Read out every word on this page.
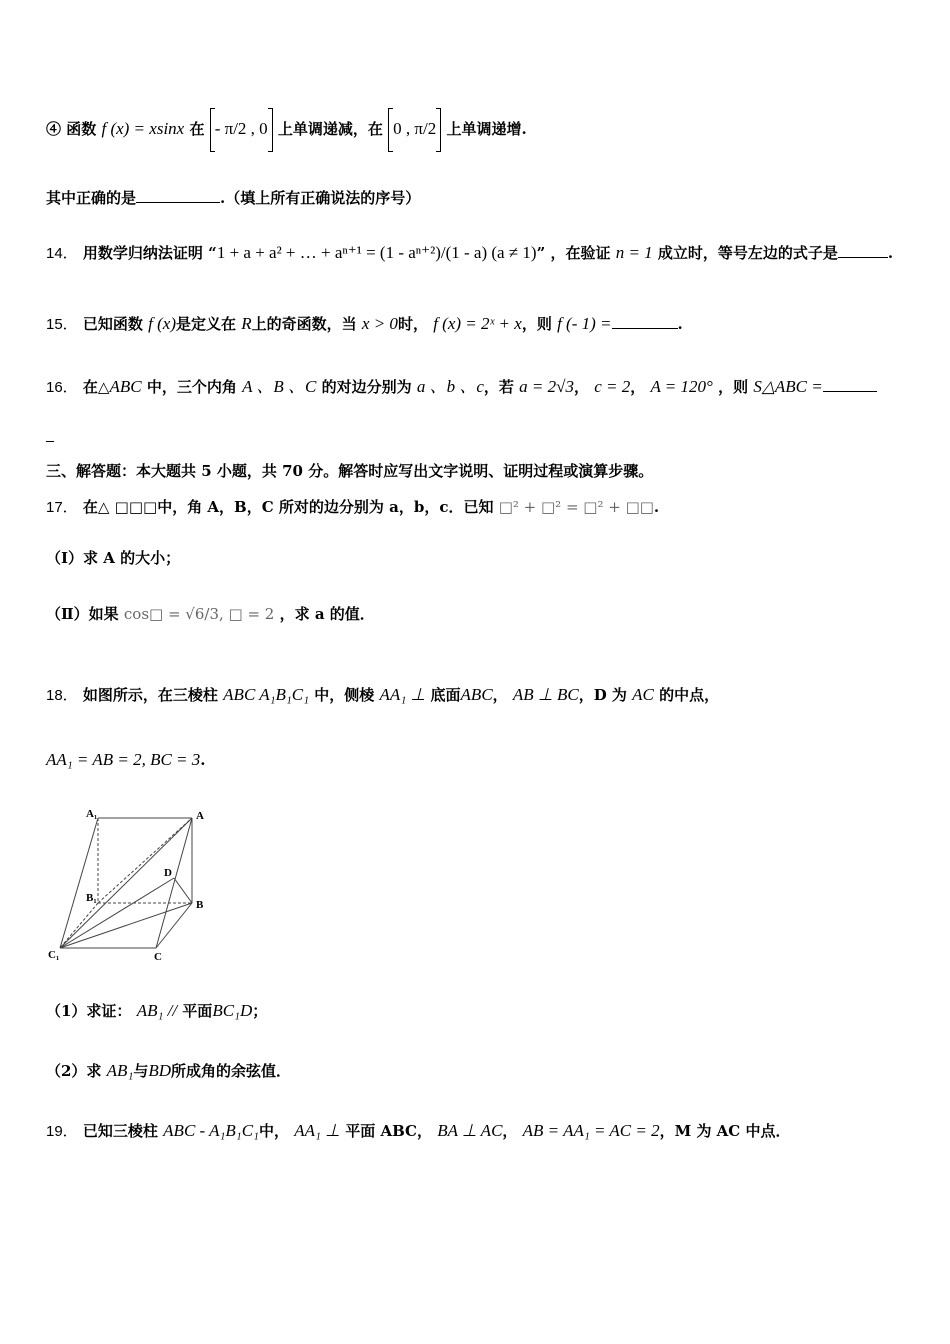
④ 函数 f (x) = xsinx 在 - π/2 , 0 上单调递减，在 0 , π/2 上单调递增.
其中正确的是	.（填上所有正确说法的序号）
14． 用数学归纳法证明 “1 + a + a² + … + aⁿ⁺¹ = (1 - aⁿ⁺²)/(1 - a) (a ≠ 1)” ，在验证 n = 1 成立时，等号左边的式子是	.
15． 已知函数 f (x)是定义在 R上的奇函数，当 x > 0时， f (x) = 2ˣ + x，则 f (- 1) =	.
16． 在△ABC 中，三个内角 A 、B 、C 的对边分别为 a 、b 、c，若 a = 2√3， c = 2， A = 120° ，则 S△ABC =
三、解答题：本大题共 5 小题，共 70 分。解答时应写出文字说明、证明过程或演算步骤。
17． 在△ □□□中，角 A，B，C 所对的边分别为 a，b，c．已知 □² + □² = □² + □□.
（Ⅰ）求 A 的大小；
（Ⅱ）如果 cos□ = √6/3, □ = 2 ，求 a 的值．
18． 如图所示，在三棱柱 ABC A₁B₁C₁ 中，侧棱 AA₁ ⊥ 底面ABC， AB ⊥ BC，D 为 AC 的中点，
AA₁ = AB = 2, BC = 3.
A₁	A
D
B₁
B
C₁	C
（1）求证： AB₁ // 平面BC₁D；
（2）求 AB₁与BD所成角的余弦值．
19． 已知三棱柱 ABC - A₁B₁C₁中， AA₁ ⊥ 平面 ABC， BA ⊥ AC， AB = AA₁ = AC = 2，M 为 AC 中点．
